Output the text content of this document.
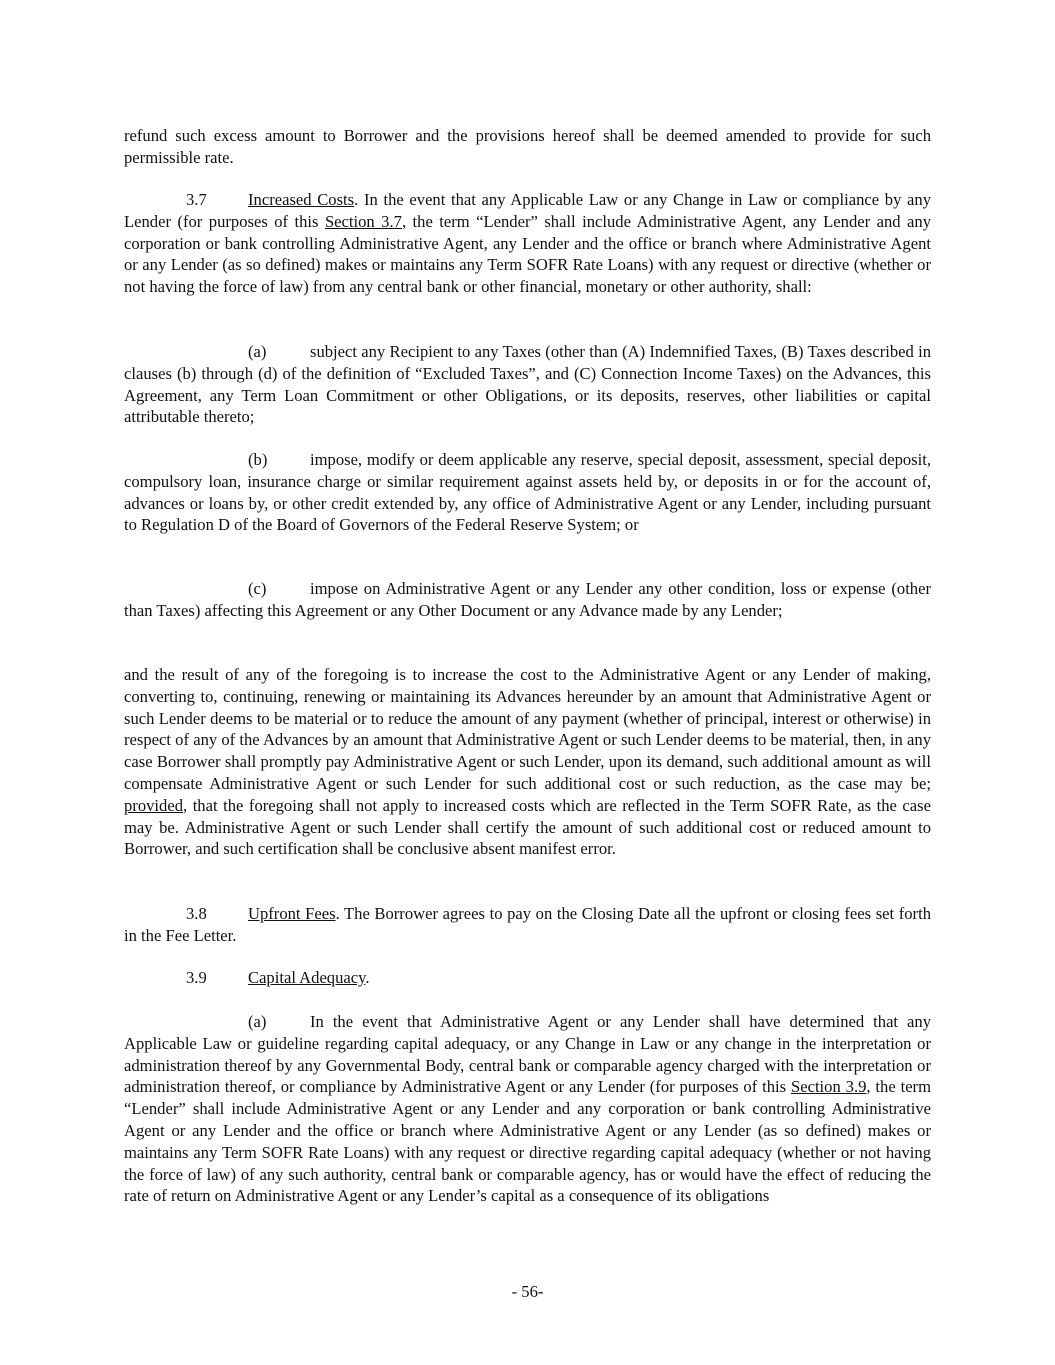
refund such excess amount to Borrower and the provisions hereof shall be deemed amended to provide for such permissible rate.

3.7 Increased Costs. In the event that any Applicable Law or any Change in Law or compliance by any Lender (for purposes of this Section 3.7, the term “Lender” shall include Administrative Agent, any Lender and any corporation or bank controlling Administrative Agent, any Lender and the office or branch where Administrative Agent or any Lender (as so defined) makes or maintains any Term SOFR Rate Loans) with any request or directive (whether or not having the force of law) from any central bank or other financial, monetary or other authority, shall:

(a)	subject any Recipient to any Taxes (other than (A) Indemnified Taxes, (B) Taxes described in clauses (b) through (d) of the definition of “Excluded Taxes”, and (C) Connection Income Taxes) on the Advances, this Agreement, any Term Loan Commitment or other Obligations, or its deposits, reserves, other liabilities or capital attributable thereto;

(b)	impose, modify or deem applicable any reserve, special deposit, assessment, special deposit, compulsory loan, insurance charge or similar requirement against assets held by, or deposits in or for the account of, advances or loans by, or other credit extended by, any office of Administrative Agent or any Lender, including pursuant to Regulation D of the Board of Governors of the Federal Reserve System; or

(c)	impose on Administrative Agent or any Lender any other condition, loss or expense (other than Taxes) affecting this Agreement or any Other Document or any Advance made by any Lender;

and the result of any of the foregoing is to increase the cost to the Administrative Agent or any Lender of making, converting to, continuing, renewing or maintaining its Advances hereunder by an amount that Administrative Agent or such Lender deems to be material or to reduce the amount of any payment (whether of principal, interest or otherwise) in respect of any of the Advances by an amount that Administrative Agent or such Lender deems to be material, then, in any case Borrower shall promptly pay Administrative Agent or such Lender, upon its demand, such additional amount as will compensate Administrative Agent or such Lender for such additional cost or such reduction, as the case may be; provided, that the foregoing shall not apply to increased costs which are reflected in the Term SOFR Rate, as the case may be. Administrative Agent or such Lender shall certify the amount of such additional cost or reduced amount to Borrower, and such certification shall be conclusive absent manifest error.

3.8 Upfront Fees. The Borrower agrees to pay on the Closing Date all the upfront or closing fees set forth in the Fee Letter.

3.9 Capital Adequacy.

(a)	In the event that Administrative Agent or any Lender shall have determined that any Applicable Law or guideline regarding capital adequacy, or any Change in Law or any change in the interpretation or administration thereof by any Governmental Body, central bank or comparable agency charged with the interpretation or administration thereof, or compliance by Administrative Agent or any Lender (for purposes of this Section 3.9, the term “Lender” shall include Administrative Agent or any Lender and any corporation or bank controlling Administrative Agent or any Lender and the office or branch where Administrative Agent or any Lender (as so defined) makes or maintains any Term SOFR Rate Loans) with any request or directive regarding capital adequacy (whether or not having the force of law) of any such authority, central bank or comparable agency, has or would have the effect of reducing the rate of return on Administrative Agent or any Lender’s capital as a consequence of its obligations

- 56-
